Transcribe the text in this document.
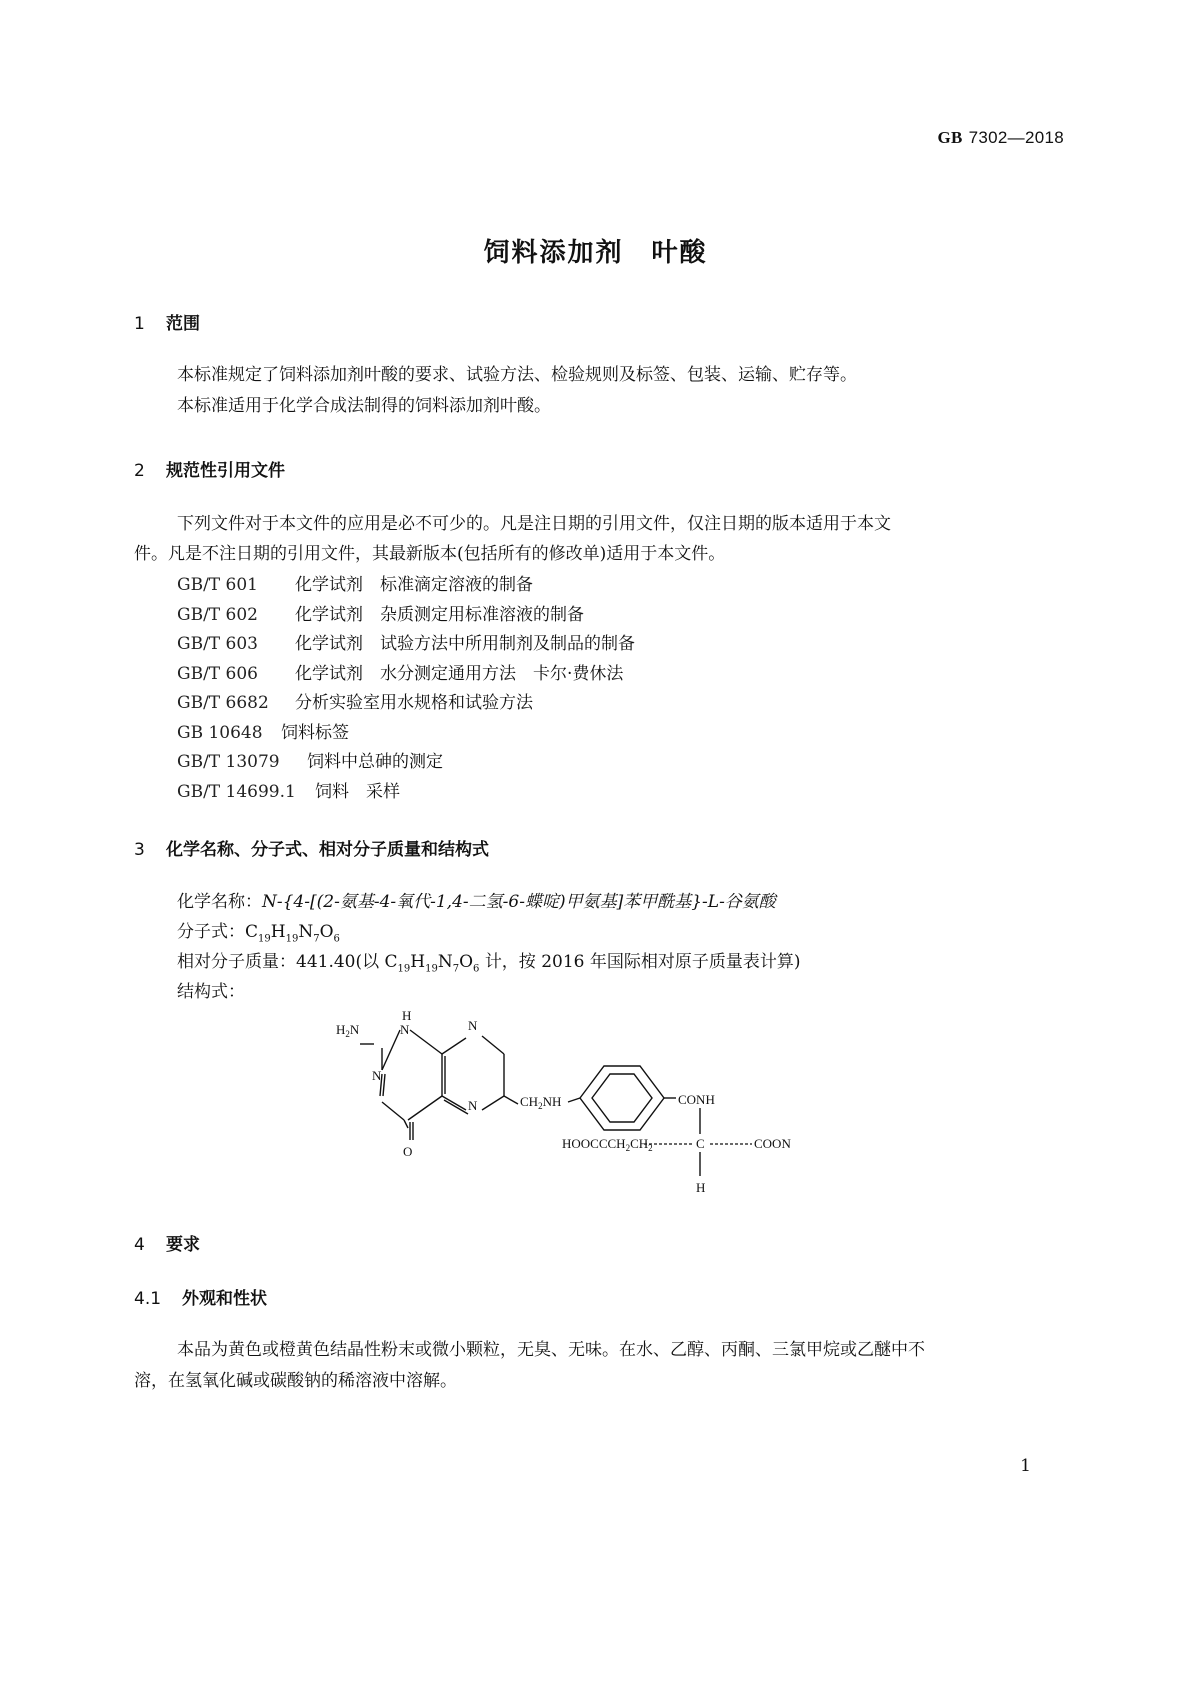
GB 7302—2018
饲料添加剂　叶酸
1 范围
本标准规定了饲料添加剂叶酸的要求、试验方法、检验规则及标签、包装、运输、贮存等。
本标准适用于化学合成法制得的饲料添加剂叶酸。
2 规范性引用文件
下列文件对于本文件的应用是必不可少的。凡是注日期的引用文件，仅注日期的版本适用于本文
件。凡是不注日期的引用文件，其最新版本(包括所有的修改单)适用于本文件。
GB/T 601 化学试剂　标准滴定溶液的制备
GB/T 602 化学试剂　杂质测定用标准溶液的制备
GB/T 603 化学试剂　试验方法中所用制剂及制品的制备
GB/T 606 化学试剂　水分测定通用方法　卡尔·费休法
GB/T 6682 分析实验室用水规格和试验方法
GB 10648 饲料标签
GB/T 13079 饲料中总砷的测定
GB/T 14699.1 饲料　采样
3 化学名称、分子式、相对分子质量和结构式
化学名称：N-{4-[(2-氨基-4-氧代-1,4-二氢-6-蝶啶)甲氨基]苯甲酰基}-L-谷氨酸
分子式：$C_{19}H_{19}N_7O_6$
相对分子质量：441.40(以 $C_{19}H_{19}N_7O_6$ 计，按 2016 年国际相对原子质量表计算)
结构式：
$H_2N$
H
N	N
N
N
O
$CH_2NH$	CONH
$HOOCCCH_2CH_2$	C	COON
H
4 要求
4.1 外观和性状
本品为黄色或橙黄色结晶性粉末或微小颗粒，无臭、无味。在水、乙醇、丙酮、三氯甲烷或乙醚中不
溶，在氢氧化碱或碳酸钠的稀溶液中溶解。
1
